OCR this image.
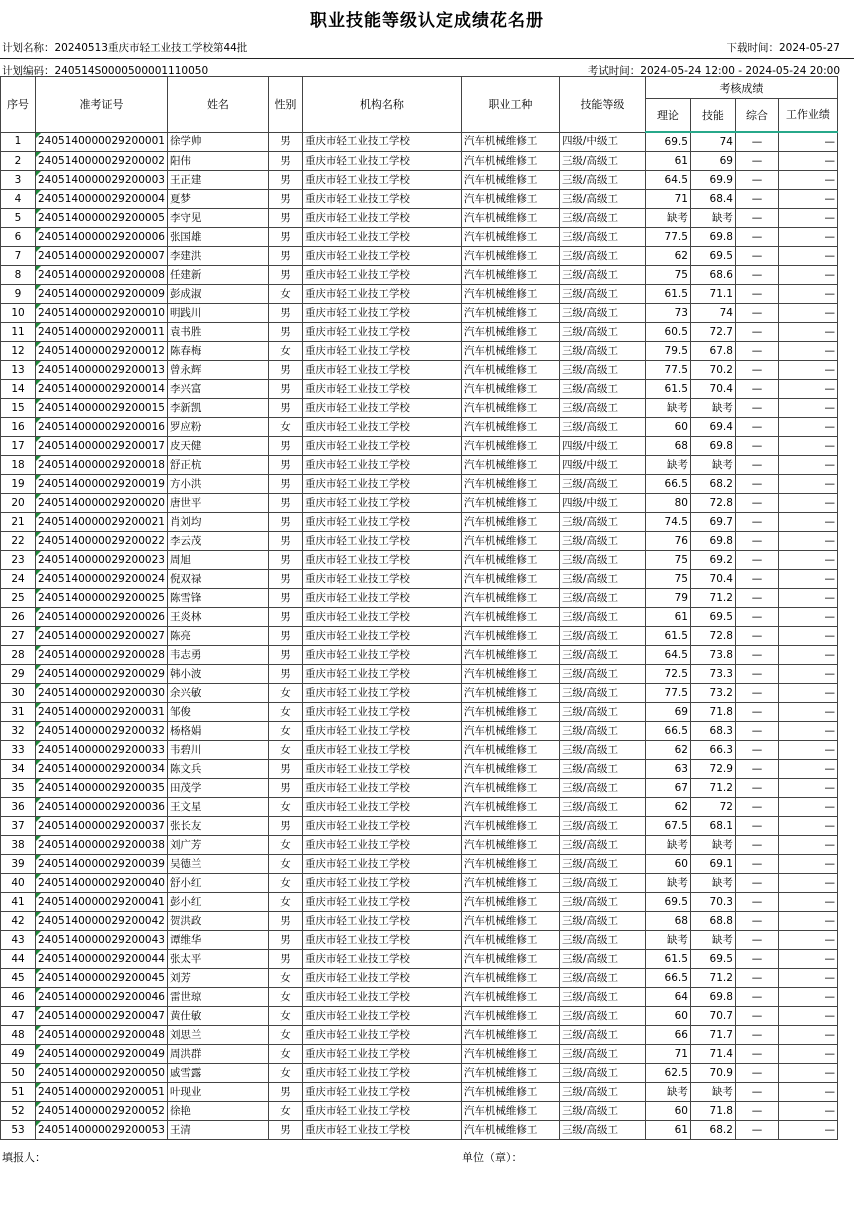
职业技能等级认定成绩花名册
计划名称：20240513重庆市轻工业技工学校第44批	下载时间：2024-05-27
计划编码：240514S0000500001110050	考试时间：2024-05-24 12:00 - 2024-05-24 20:00
序号	准考证号	姓名	性别	机构名称	职业工种	技能等级	考核成绩			
							理论	技能	综合	工作业绩
1	2405140000029200001	徐学帅	男	重庆市轻工业技工学校	汽车机械维修工	四级/中级工	69.5	74	—	—
2	2405140000029200002	阳伟	男	重庆市轻工业技工学校	汽车机械维修工	三级/高级工	61	69	—	—
3	2405140000029200003	王正建	男	重庆市轻工业技工学校	汽车机械维修工	三级/高级工	64.5	69.9	—	—
4	2405140000029200004	夏梦	男	重庆市轻工业技工学校	汽车机械维修工	三级/高级工	71	68.4	—	—
5	2405140000029200005	李守见	男	重庆市轻工业技工学校	汽车机械维修工	三级/高级工	缺考	缺考	—	—
6	2405140000029200006	张国雄	男	重庆市轻工业技工学校	汽车机械维修工	三级/高级工	77.5	69.8	—	—
7	2405140000029200007	李建洪	男	重庆市轻工业技工学校	汽车机械维修工	三级/高级工	62	69.5	—	—
8	2405140000029200008	任建新	男	重庆市轻工业技工学校	汽车机械维修工	三级/高级工	75	68.6	—	—
9	2405140000029200009	彭成淑	女	重庆市轻工业技工学校	汽车机械维修工	三级/高级工	61.5	71.1	—	—
10	2405140000029200010	明践川	男	重庆市轻工业技工学校	汽车机械维修工	三级/高级工	73	74	—	—
11	2405140000029200011	袁书胜	男	重庆市轻工业技工学校	汽车机械维修工	三级/高级工	60.5	72.7	—	—
12	2405140000029200012	陈春梅	女	重庆市轻工业技工学校	汽车机械维修工	三级/高级工	79.5	67.8	—	—
13	2405140000029200013	曾永辉	男	重庆市轻工业技工学校	汽车机械维修工	三级/高级工	77.5	70.2	—	—
14	2405140000029200014	李兴富	男	重庆市轻工业技工学校	汽车机械维修工	三级/高级工	61.5	70.4	—	—
15	2405140000029200015	李新凯	男	重庆市轻工业技工学校	汽车机械维修工	三级/高级工	缺考	缺考	—	—
16	2405140000029200016	罗应粉	女	重庆市轻工业技工学校	汽车机械维修工	三级/高级工	60	69.4	—	—
17	2405140000029200017	皮天健	男	重庆市轻工业技工学校	汽车机械维修工	四级/中级工	68	69.8	—	—
18	2405140000029200018	舒正杭	男	重庆市轻工业技工学校	汽车机械维修工	四级/中级工	缺考	缺考	—	—
19	2405140000029200019	方小洪	男	重庆市轻工业技工学校	汽车机械维修工	三级/高级工	66.5	68.2	—	—
20	2405140000029200020	唐世平	男	重庆市轻工业技工学校	汽车机械维修工	四级/中级工	80	72.8	—	—
21	2405140000029200021	肖刘均	男	重庆市轻工业技工学校	汽车机械维修工	三级/高级工	74.5	69.7	—	—
22	2405140000029200022	李云茂	男	重庆市轻工业技工学校	汽车机械维修工	三级/高级工	76	69.8	—	—
23	2405140000029200023	周旭	男	重庆市轻工业技工学校	汽车机械维修工	三级/高级工	75	69.2	—	—
24	2405140000029200024	倪双禄	男	重庆市轻工业技工学校	汽车机械维修工	三级/高级工	75	70.4	—	—
25	2405140000029200025	陈雪锋	男	重庆市轻工业技工学校	汽车机械维修工	三级/高级工	79	71.2	—	—
26	2405140000029200026	王炎林	男	重庆市轻工业技工学校	汽车机械维修工	三级/高级工	61	69.5	—	—
27	2405140000029200027	陈亮	男	重庆市轻工业技工学校	汽车机械维修工	三级/高级工	61.5	72.8	—	—
28	2405140000029200028	韦志勇	男	重庆市轻工业技工学校	汽车机械维修工	三级/高级工	64.5	73.8	—	—
29	2405140000029200029	韩小波	男	重庆市轻工业技工学校	汽车机械维修工	三级/高级工	72.5	73.3	—	—
30	2405140000029200030	余兴敏	女	重庆市轻工业技工学校	汽车机械维修工	三级/高级工	77.5	73.2	—	—
31	2405140000029200031	邹俊	女	重庆市轻工业技工学校	汽车机械维修工	三级/高级工	69	71.8	—	—
32	2405140000029200032	杨格娟	女	重庆市轻工业技工学校	汽车机械维修工	三级/高级工	66.5	68.3	—	—
33	2405140000029200033	韦碧川	女	重庆市轻工业技工学校	汽车机械维修工	三级/高级工	62	66.3	—	—
34	2405140000029200034	陈文兵	男	重庆市轻工业技工学校	汽车机械维修工	三级/高级工	63	72.9	—	—
35	2405140000029200035	田茂学	男	重庆市轻工业技工学校	汽车机械维修工	三级/高级工	67	71.2	—	—
36	2405140000029200036	王文星	女	重庆市轻工业技工学校	汽车机械维修工	三级/高级工	62	72	—	—
37	2405140000029200037	张长友	男	重庆市轻工业技工学校	汽车机械维修工	三级/高级工	67.5	68.1	—	—
38	2405140000029200038	刘广芳	女	重庆市轻工业技工学校	汽车机械维修工	三级/高级工	缺考	缺考	—	—
39	2405140000029200039	吴德兰	女	重庆市轻工业技工学校	汽车机械维修工	三级/高级工	60	69.1	—	—
40	2405140000029200040	舒小红	女	重庆市轻工业技工学校	汽车机械维修工	三级/高级工	缺考	缺考	—	—
41	2405140000029200041	彭小红	女	重庆市轻工业技工学校	汽车机械维修工	三级/高级工	69.5	70.3	—	—
42	2405140000029200042	贺洪政	男	重庆市轻工业技工学校	汽车机械维修工	三级/高级工	68	68.8	—	—
43	2405140000029200043	谭维华	男	重庆市轻工业技工学校	汽车机械维修工	三级/高级工	缺考	缺考	—	—
44	2405140000029200044	张太平	男	重庆市轻工业技工学校	汽车机械维修工	三级/高级工	61.5	69.5	—	—
45	2405140000029200045	刘芳	女	重庆市轻工业技工学校	汽车机械维修工	三级/高级工	66.5	71.2	—	—
46	2405140000029200046	雷世琼	女	重庆市轻工业技工学校	汽车机械维修工	三级/高级工	64	69.8	—	—
47	2405140000029200047	黄仕敏	女	重庆市轻工业技工学校	汽车机械维修工	三级/高级工	60	70.7	—	—
48	2405140000029200048	刘思兰	女	重庆市轻工业技工学校	汽车机械维修工	三级/高级工	66	71.7	—	—
49	2405140000029200049	周洪群	女	重庆市轻工业技工学校	汽车机械维修工	三级/高级工	71	71.4	—	—
50	2405140000029200050	戚雪露	女	重庆市轻工业技工学校	汽车机械维修工	三级/高级工	62.5	70.9	—	—
51	2405140000029200051	叶现业	男	重庆市轻工业技工学校	汽车机械维修工	三级/高级工	缺考	缺考	—	—
52	2405140000029200052	徐艳	女	重庆市轻工业技工学校	汽车机械维修工	三级/高级工	60	71.8	—	—
53	2405140000029200053	王清	男	重庆市轻工业技工学校	汽车机械维修工	三级/高级工	61	68.2	—	—
填报人：	单位（章）：
